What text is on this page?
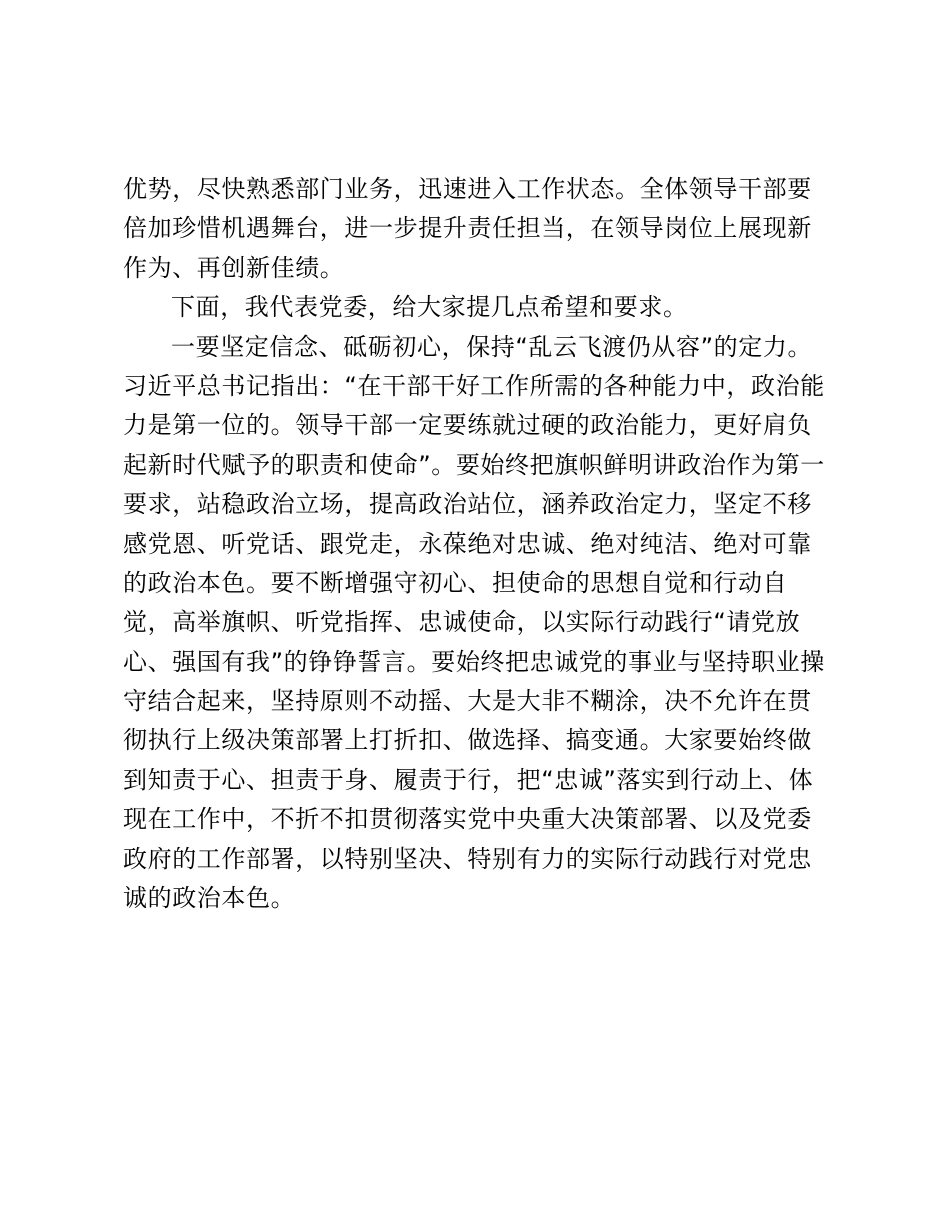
优势，尽快熟悉部门业务，迅速进入工作状态。全体领导干部要
倍加珍惜机遇舞台，进一步提升责任担当，在领导岗位上展现新
作为、再创新佳绩。
下面，我代表党委，给大家提几点希望和要求。
一要坚定信念、砥砺初心，保持“乱云飞渡仍从容”的定力。
习近平总书记指出：“在干部干好工作所需的各种能力中，政治能
力是第一位的。领导干部一定要练就过硬的政治能力，更好肩负
起新时代赋予的职责和使命”。要始终把旗帜鲜明讲政治作为第一
要求，站稳政治立场，提高政治站位，涵养政治定力，坚定不移
感党恩、听党话、跟党走，永葆绝对忠诚、绝对纯洁、绝对可靠
的政治本色。要不断增强守初心、担使命的思想自觉和行动自
觉，高举旗帜、听党指挥、忠诚使命，以实际行动践行“请党放
心、强国有我”的铮铮誓言。要始终把忠诚党的事业与坚持职业操
守结合起来，坚持原则不动摇、大是大非不糊涂，决不允许在贯
彻执行上级决策部署上打折扣、做选择、搞变通。大家要始终做
到知责于心、担责于身、履责于行，把“忠诚”落实到行动上、体
现在工作中，不折不扣贯彻落实党中央重大决策部署、以及党委
政府的工作部署，以特别坚决、特别有力的实际行动践行对党忠
诚的政治本色。
